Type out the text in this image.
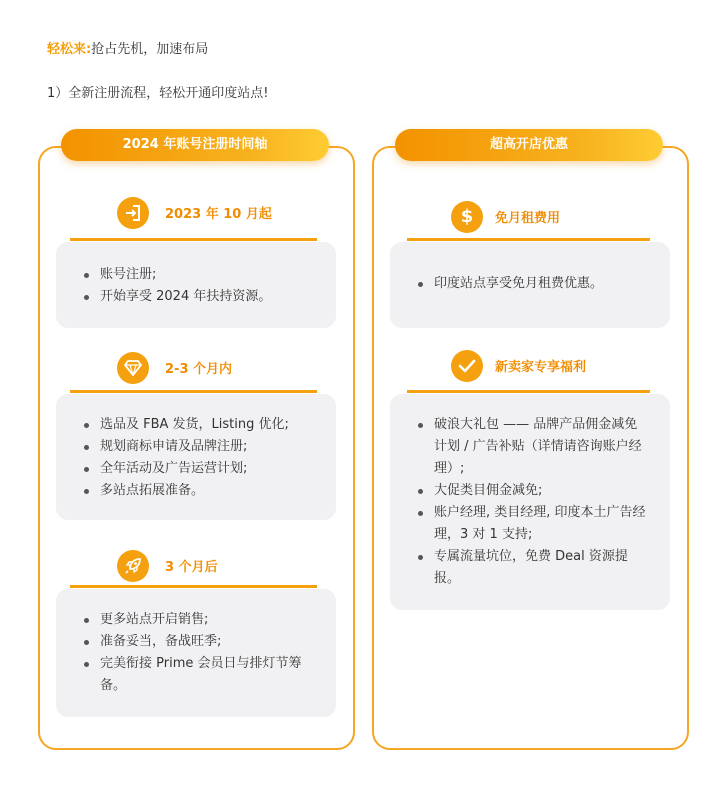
轻松来:抢占先机，加速布局
1）全新注册流程，轻松开通印度站点!
2024 年账号注册时间轴
2023 年 10 月起
账号注册;
开始享受 2024 年扶持资源。
2-3 个月内
选品及 FBA 发货，Listing 优化;
规划商标申请及品牌注册;
全年活动及广告运营计划;
多站点拓展准备。
3 个月后
更多站点开启销售;
准备妥当，备战旺季;
完美衔接 Prime 会员日与排灯节筹备。
超高开店优惠
$ 免月租费用
印度站点享受免月租费优惠。
新卖家专享福利
破浪大礼包 —— 品牌产品佣金减免计划 / 广告补贴（详情请咨询账户经理）;
大促类目佣金减免;
账户经理, 类目经理, 印度本土广告经理，3 对 1 支持;
专属流量坑位，免费 Deal 资源提报。
